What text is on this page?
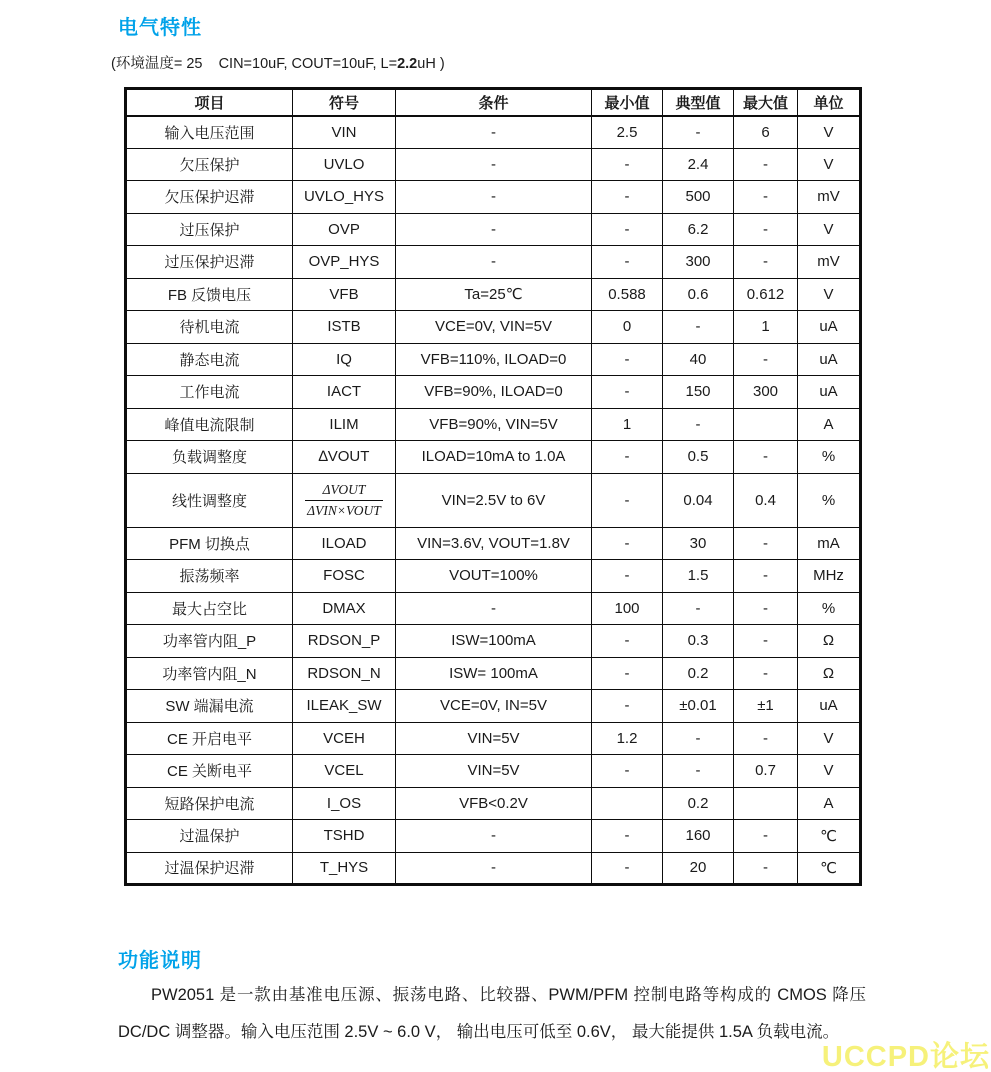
电气特性
(环境温度= 25    CIN=10uF, COUT=10uF, L=2.2uH )
项目	符号	条件	最小值	典型值	最大值	单位
输入电压范围	VIN	-	2.5	-	6	V
欠压保护	UVLO	-	-	2.4	-	V
欠压保护迟滞	UVLO_HYS	-	-	500	-	mV
过压保护	OVP	-	-	6.2	-	V
过压保护迟滞	OVP_HYS	-	-	300	-	mV
FB 反馈电压	VFB	Ta=25℃	0.588	0.6	0.612	V
待机电流	ISTB	VCE=0V, VIN=5V	0	-	1	uA
静态电流	IQ	VFB=110%, ILOAD=0	-	40	-	uA
工作电流	IACT	VFB=90%, ILOAD=0	-	150	300	uA
峰值电流限制	ILIM	VFB=90%, VIN=5V	1	-		A
负载调整度	∆VOUT	ILOAD=10mA to 1.0A	-	0.5	-	%
线性调整度	$\frac{\text{ΔVOUT}}{\text{ΔVIN×VOUT}}$	VIN=2.5V to 6V	-	0.04	0.4	%
PFM 切换点	ILOAD	VIN=3.6V, VOUT=1.8V	-	30	-	mA
振荡频率	FOSC	VOUT=100%	-	1.5	-	MHz
最大占空比	DMAX	-	100	-	-	%
功率管内阻_P	RDSON_P	ISW=100mA	-	0.3	-	Ω
功率管内阻_N	RDSON_N	ISW= 100mA	-	0.2	-	Ω
SW 端漏电流	ILEAK_SW	VCE=0V, IN=5V	-	±0.01	±1	uA
CE 开启电平	VCEH	VIN=5V	1.2	-	-	V
CE 关断电平	VCEL	VIN=5V	-	-	0.7	V
短路保护电流	I_OS	VFB<0.2V		0.2		A
过温保护	TSHD	-	-	160	-	℃
过温保护迟滞	T_HYS	-	-	20	-	℃
功能说明

PW2051 是一款由基准电压源、振荡电路、比较器、PWM/PFM 控制电路等构成的 CMOS 降压 DC/DC 调整器。输入电压范围 2.5V ~ 6.0 V， 输出电压可低至 0.6V， 最大能提供 1.5A 负载电流。

UCCPD论坛
